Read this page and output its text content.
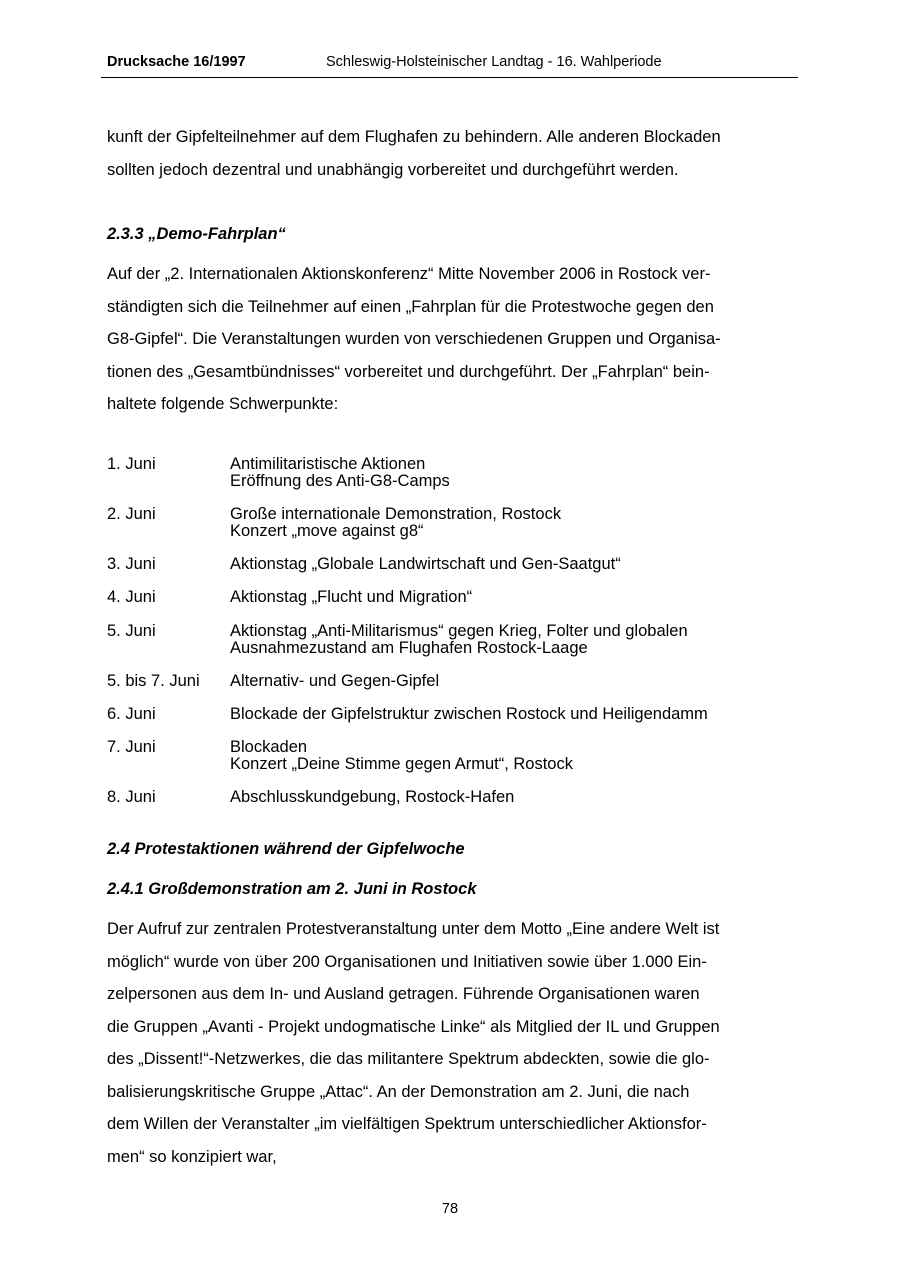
Drucksache 16/1997	Schleswig-Holsteinischer Landtag - 16. Wahlperiode
kunft der Gipfelteilnehmer auf dem Flughafen zu behindern. Alle anderen Blockaden
sollten jedoch dezentral und unabhängig vorbereitet und durchgeführt werden.
2.3.3 „Demo-Fahrplan“
Auf der „2. Internationalen Aktionskonferenz“ Mitte November 2006 in Rostock ver-
ständigten sich die Teilnehmer auf einen „Fahrplan für die Protestwoche gegen den
G8-Gipfel“. Die Veranstaltungen wurden von verschiedenen Gruppen und Organisa-
tionen des „Gesamtbündnisses“ vorbereitet und durchgeführt. Der „Fahrplan“ bein-
haltete folgende Schwerpunkte:
1. Juni	Antimilitaristische Aktionen
Eröffnung des Anti-G8-Camps
2. Juni	Große internationale Demonstration, Rostock
Konzert „move against g8“
3. Juni	Aktionstag „Globale Landwirtschaft und Gen-Saatgut“
4. Juni	Aktionstag „Flucht und Migration“
5. Juni	Aktionstag „Anti-Militarismus“ gegen Krieg, Folter und globalen
Ausnahmezustand am Flughafen Rostock-Laage
5. bis 7. Juni Alternativ- und Gegen-Gipfel
6. Juni	Blockade der Gipfelstruktur zwischen Rostock und Heiligendamm
7. Juni	Blockaden
Konzert „Deine Stimme gegen Armut“, Rostock
8. Juni	Abschlusskundgebung, Rostock-Hafen
2.4 Protestaktionen während der Gipfelwoche
2.4.1 Großdemonstration am 2. Juni in Rostock
Der Aufruf zur zentralen Protestveranstaltung unter dem Motto „Eine andere Welt ist
möglich“ wurde von über 200 Organisationen und Initiativen sowie über 1.000 Ein-
zelpersonen aus dem In- und Ausland getragen. Führende Organisationen waren
die Gruppen „Avanti - Projekt undogmatische Linke“ als Mitglied der IL und Gruppen
des „Dissent!“-Netzwerkes, die das militantere Spektrum abdeckten, sowie die glo-
balisierungskritische Gruppe „Attac“. An der Demonstration am 2. Juni, die nach
dem Willen der Veranstalter „im vielfältigen Spektrum unterschiedlicher Aktionsfor-
men“ so konzipiert war,
78
